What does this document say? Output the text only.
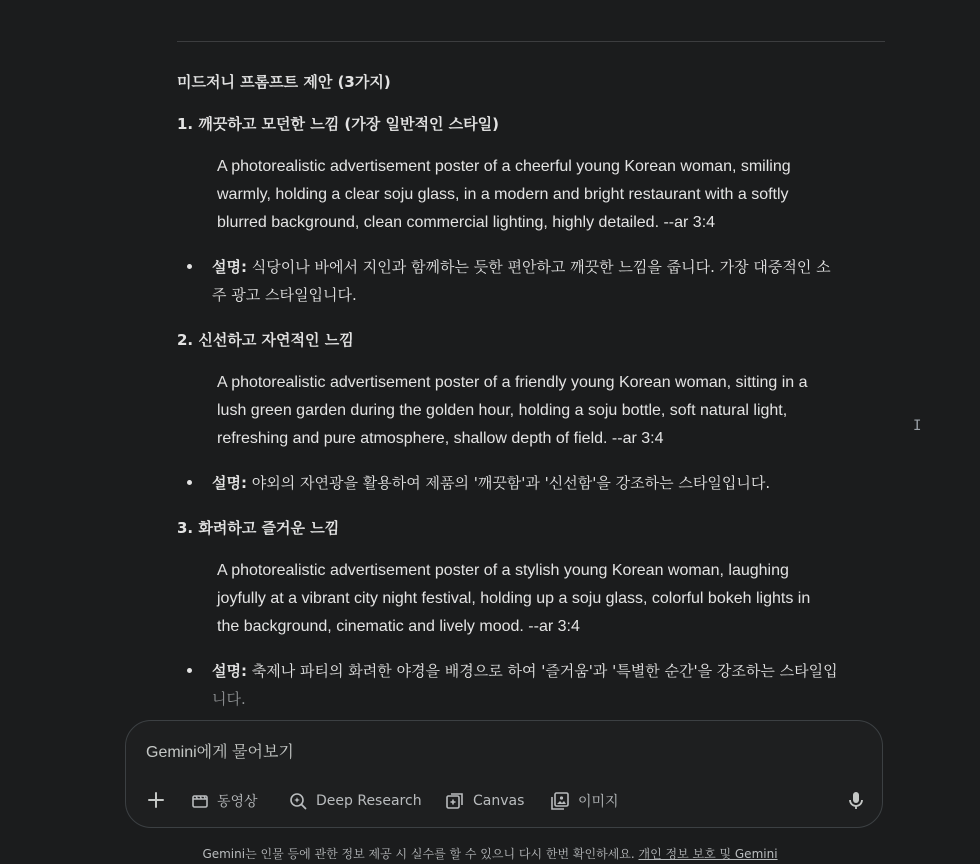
미드저니 프롬프트 제안 (3가지)
1. 깨끗하고 모던한 느낌 (가장 일반적인 스타일)
A photorealistic advertisement poster of a cheerful young Korean woman, smiling
warmly, holding a clear soju glass, in a modern and bright restaurant with a softly
blurred background, clean commercial lighting, highly detailed. --ar 3:4
설명: 식당이나 바에서 지인과 함께하는 듯한 편안하고 깨끗한 느낌을 줍니다. 가장 대중적인 소
주 광고 스타일입니다.
2. 신선하고 자연적인 느낌
A photorealistic advertisement poster of a friendly young Korean woman, sitting in a
lush green garden during the golden hour, holding a soju bottle, soft natural light,
refreshing and pure atmosphere, shallow depth of field. --ar 3:4
설명: 야외의 자연광을 활용하여 제품의 '깨끗함'과 '신선함'을 강조하는 스타일입니다.
3. 화려하고 즐거운 느낌
A photorealistic advertisement poster of a stylish young Korean woman, laughing
joyfully at a vibrant city night festival, holding up a soju glass, colorful bokeh lights in
the background, cinematic and lively mood. --ar 3:4
설명: 축제나 파티의 화려한 야경을 배경으로 하여 '즐거움'과 '특별한 순간'을 강조하는 스타일입
니다.
I
Gemini에게 물어보기
동영상	Deep Research	Canvas	이미지
Gemini는 인물 등에 관한 정보 제공 시 실수를 할 수 있으니 다시 한번 확인하세요. 개인 정보 보호 및 Gemini
